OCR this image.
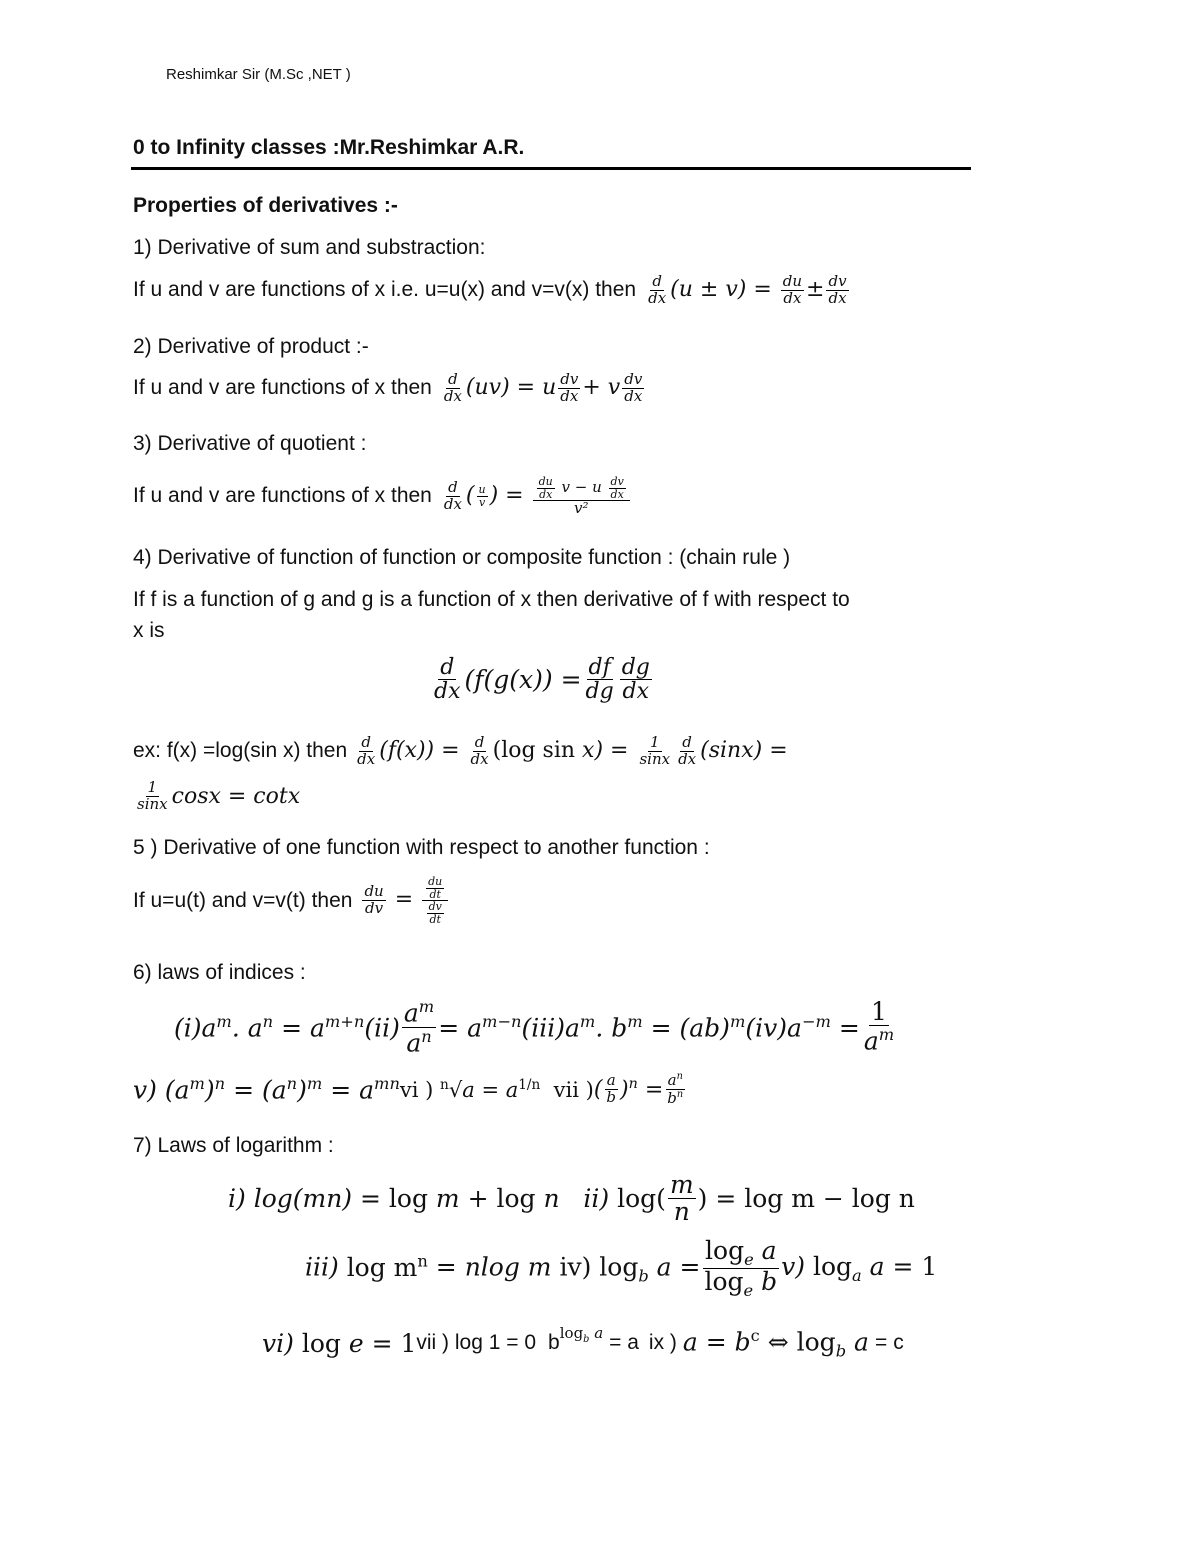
Reshimkar Sir (M.Sc ,NET )
0 to Infinity classes :Mr.Reshimkar A.R.
Properties of derivatives :-
1) Derivative of sum and substraction:
If u and v are functions of x i.e. u=u(x) and v=v(x) then $\frac{d}{dx} (u \pm v) = \frac{du}{dx} \pm \frac{dv}{dx}$
2) Derivative of product :-
If u and v are functions of x then $\frac{d}{dx} (uv) = u \frac{dv}{dx} + v \frac{dv}{dx}$
3) Derivative of quotient :
If u and v are functions of x then $\frac{d}{dx}$ ( $\frac{u}{v}$ ) = $\frac{du}{dx}$ v − u $\frac{dv}{dx}$
v²
4) Derivative of function of function or composite function : (chain rule )
If f is a function of g and g is a function of x then derivative of f with respect to
x is
d
dx ($f(g(x)) = \frac{df}{dg}$ dg
dx
ex: f(x) =log(sin x) then $\frac{d}{dx} (f(x)) = \frac{d}{dx} (\log$ $\sin x) = \frac{1}{\sin x} \frac{d}{dx} (\sin x)$ =
1
sinx cosx = cotx
5 ) Derivative of one function with respect to another function :
If u=u(t) and v=v(t) then $\frac{du}{dv} = \frac{du}{dt}$
$\frac{dv}{dt}$
6) laws of indices :
$(i)a^m$. $a^n = a^{m+n}(ii) \frac{a^m}{a^n} = a^{m-n}(iii)a^m$. $b^m = (ab)^m(iv)a^{-m} = \frac{1}{a^m}$
v) $(a^m)^n = (a^n)^m = a^{mn}$ vi ) $^n√a = a^{1/n}$  vii ) ( a
b )$^n = \frac{a^n}{b^n}$
7) Laws of logarithm :
i) log(mn) = log m + log n   ii) log( m
n ) = log m − log n
iii) $\log m^n = nlog$ m iv) $\log_b a = \frac{\log_e a}{\log_e b} v$) $\log_a a = 1$
vi) log e = 1 vii ) log 1 = 0 b $\log_b a = a$ ix ) $a = b^c$ ⇔ $\log_b a = c$
